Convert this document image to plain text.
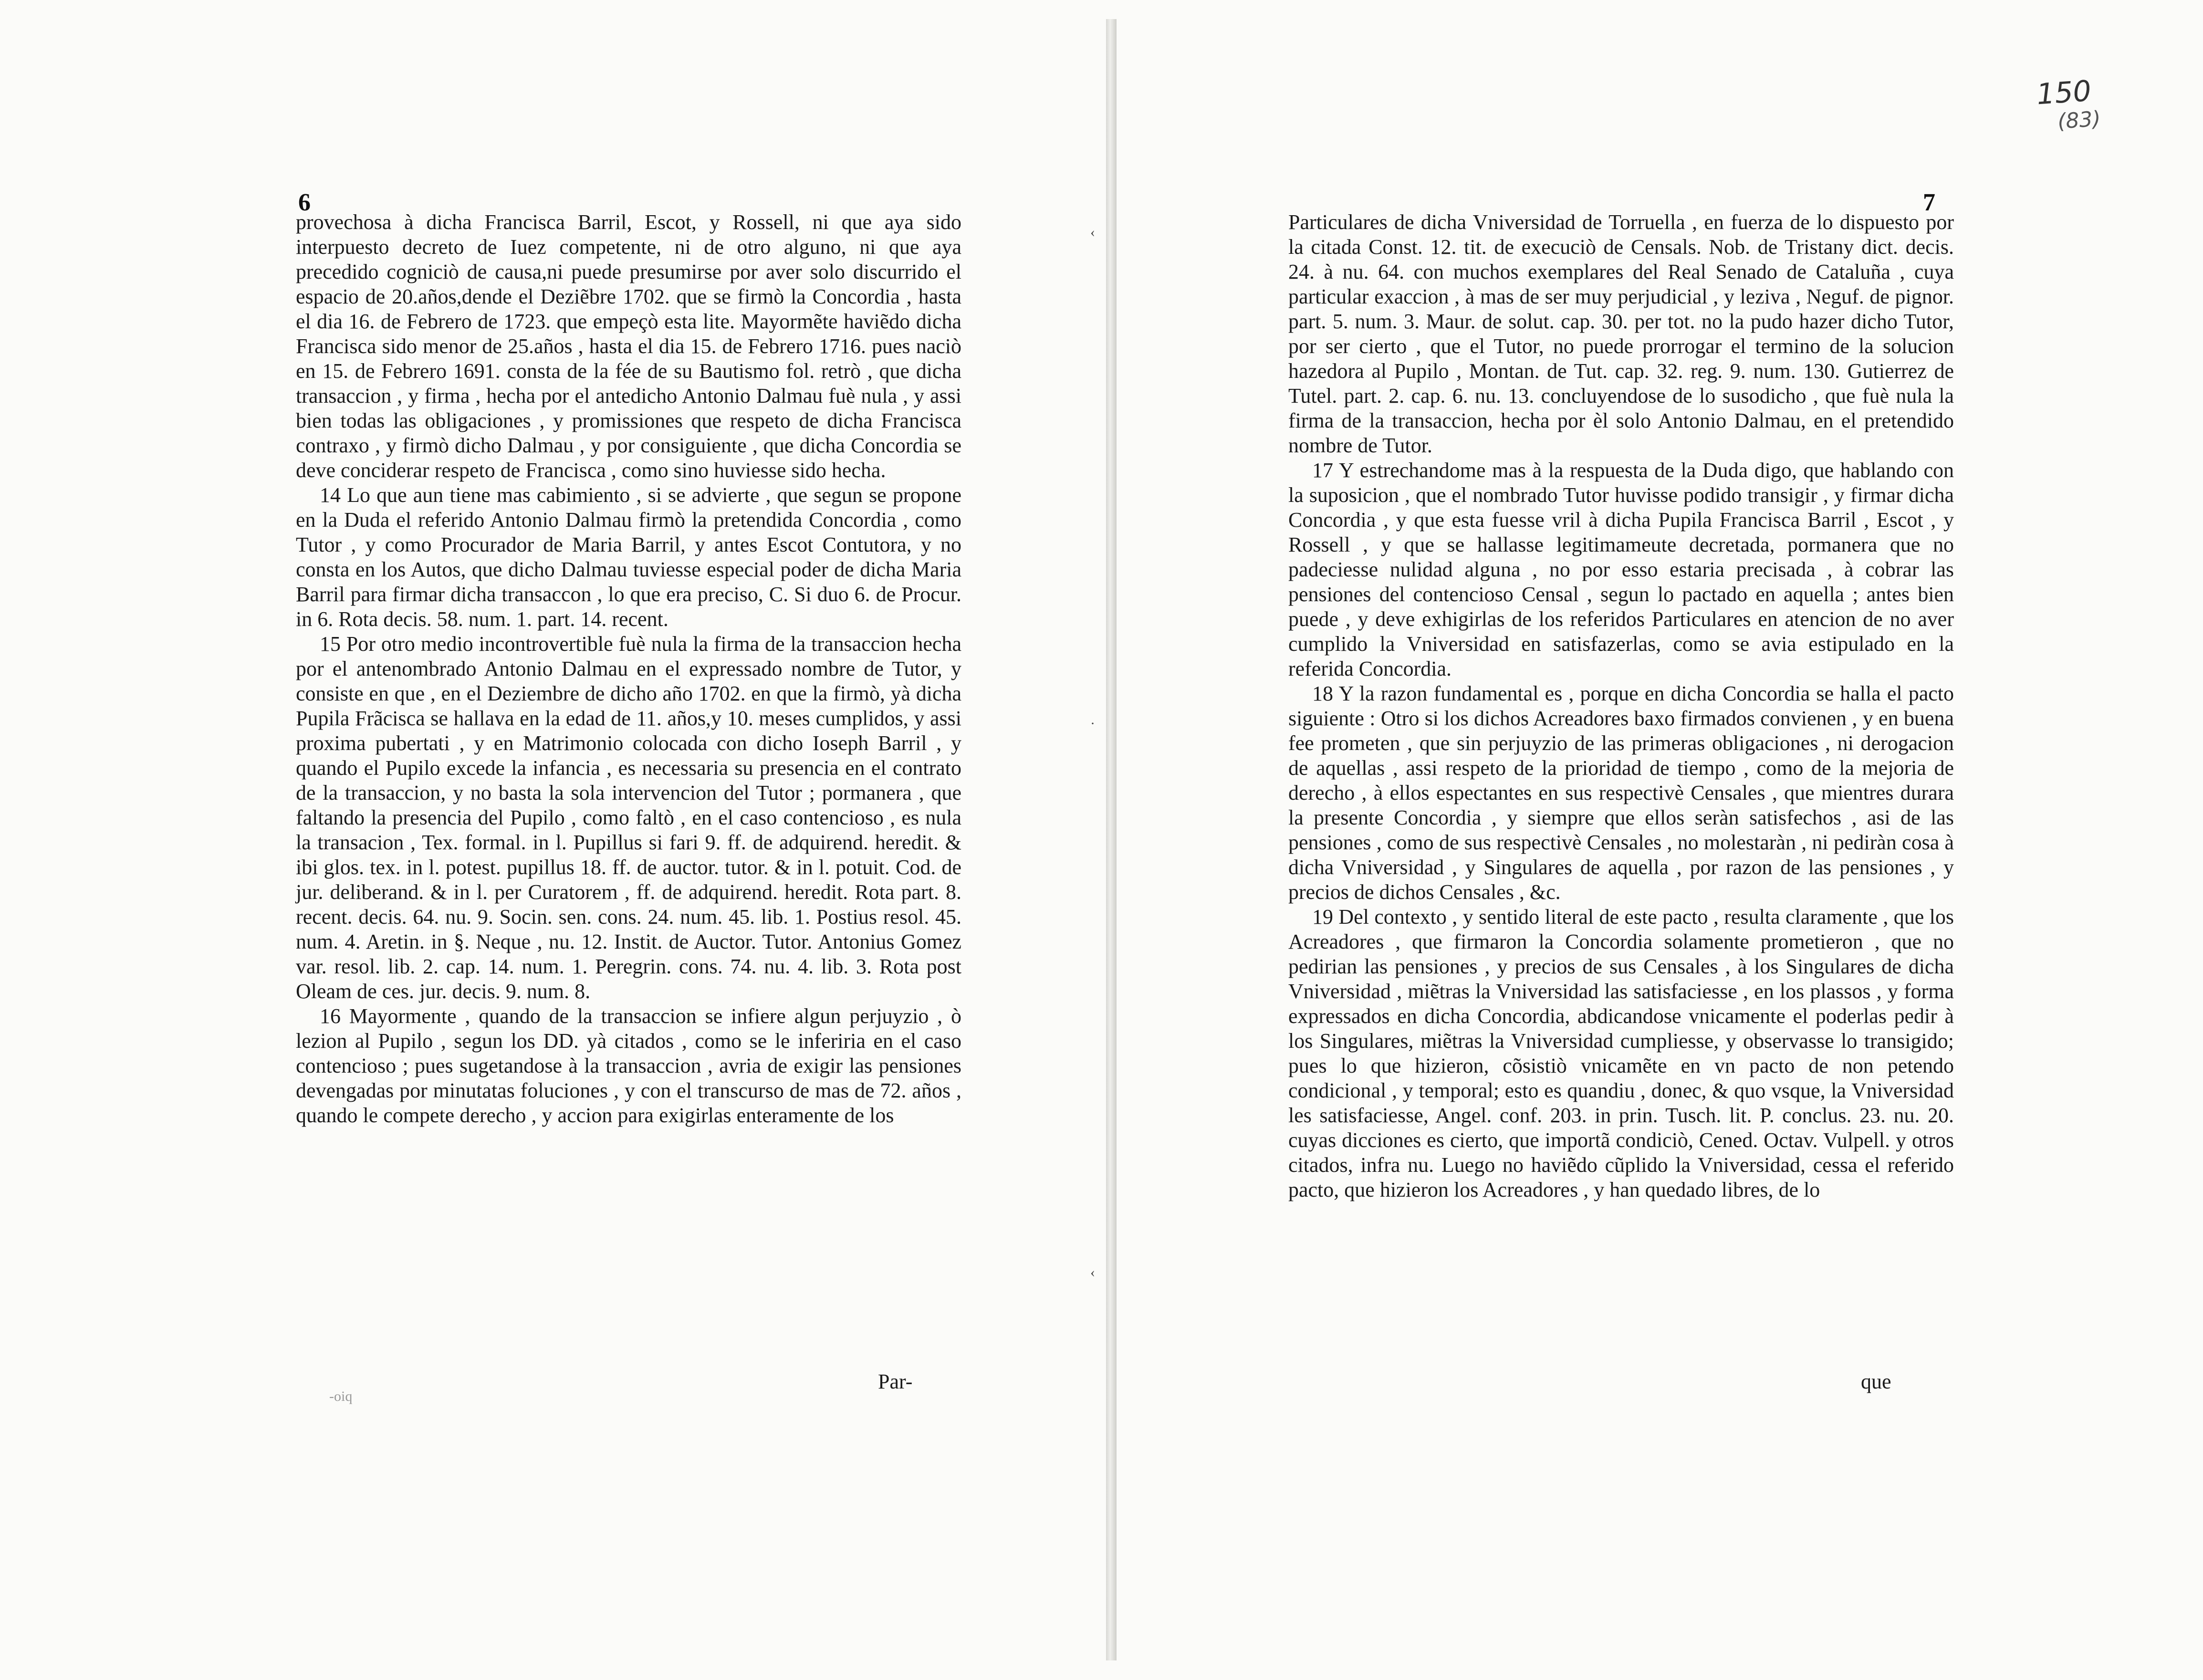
‹
·
‹
6

provechosa à dicha Francisca Barril, Escot, y Rossell, ni que aya sido interpuesto decreto de Iuez competente, ni de otro alguno, ni que aya precedido cogniciò de causa,ni puede presumirse por aver solo discurrido el espacio de 20.años,dende el Deziẽbre 1702. que se firmò la Concordia , hasta el dia 16. de Febrero de 1723. que empeçò esta lite. Mayormẽte haviẽdo dicha Francisca sido menor de 25.años , hasta el dia 15. de Febrero 1716. pues naciò en 15. de Febrero 1691. consta de la fée de su Bautismo fol. retrò , que dicha transaccion , y firma , hecha por el antedicho Antonio Dalmau fuè nula , y assi bien todas las obligaciones , y promissiones que respeto de dicha Francisca contraxo , y firmò dicho Dalmau , y por consiguiente , que dicha Concordia se deve conciderar respeto de Francisca , como sino huviesse sido hecha.

14 Lo que aun tiene mas cabimiento , si se advierte , que segun se propone en la Duda el referido Antonio Dalmau firmò la pretendida Concordia , como Tutor , y como Procurador de Maria Barril, y antes Escot Contutora, y no consta en los Autos, que dicho Dalmau tuviesse especial poder de dicha Maria Barril para firmar dicha transaccon , lo que era preciso, C. Si duo 6. de Procur. in 6. Rota decis. 58. num. 1. part. 14. recent.

15 Por otro medio incontrovertible fuè nula la firma de la transaccion hecha por el antenombrado Antonio Dalmau en el expressado nombre de Tutor, y consiste en que , en el Deziembre de dicho año 1702. en que la firmò, yà dicha Pupila Frãcisca se hallava en la edad de 11. años,y 10. meses cumplidos, y assi proxima pubertati , y en Matrimonio colocada con dicho Ioseph Barril , y quando el Pupilo excede la infancia , es necessaria su presencia en el contrato de la transaccion, y no basta la sola intervencion del Tutor ; pormanera , que faltando la presencia del Pupilo , como faltò , en el caso contencioso , es nula la transacion , Tex. formal. in l. Pupillus si fari 9. ff. de adquirend. heredit. & ibi glos. tex. in l. potest. pupillus 18. ff. de auctor. tutor. & in l. potuit. Cod. de jur. deliberand. & in l. per Curatorem , ff. de adquirend. heredit. Rota part. 8. recent. decis. 64. nu. 9. Socin. sen. cons. 24. num. 45. lib. 1. Postius resol. 45. num. 4. Aretin. in §. Neque , nu. 12. Instit. de Auctor. Tutor. Antonius Gomez var. resol. lib. 2. cap. 14. num. 1. Peregrin. cons. 74. nu. 4. lib. 3. Rota post Oleam de ces. jur. decis. 9. num. 8.

16 Mayormente , quando de la transaccion se infiere algun perjuyzio , ò lezion al Pupilo , segun los DD. yà citados , como se le inferiria en el caso contencioso ; pues sugetandose à la transaccion , avria de exigir las pensiones devengadas por minutatas foluciones , y con el transcurso de mas de 72. años , quando le compete derecho , y accion para exigirlas enteramente de los

Par-
-oiq
150
(83)
7

Particulares de dicha Vniversidad de Torruella , en fuerza de lo dispuesto por la citada Const. 12. tit. de execuciò de Censals. Nob. de Tristany dict. decis. 24. à nu. 64. con muchos exemplares del Real Senado de Cataluña , cuya particular exaccion , à mas de ser muy perjudicial , y leziva , Neguf. de pignor. part. 5. num. 3. Maur. de solut. cap. 30. per tot. no la pudo hazer dicho Tutor, por ser cierto , que el Tutor, no puede prorrogar el termino de la solucion hazedora al Pupilo , Montan. de Tut. cap. 32. reg. 9. num. 130. Gutierrez de Tutel. part. 2. cap. 6. nu. 13. concluyendose de lo susodicho , que fuè nula la firma de la transaccion, hecha por èl solo Antonio Dalmau, en el pretendido nombre de Tutor.

17 Y estrechandome mas à la respuesta de la Duda digo, que hablando con la suposicion , que el nombrado Tutor huvisse podido transigir , y firmar dicha Concordia , y que esta fuesse vril à dicha Pupila Francisca Barril , Escot , y Rossell , y que se hallasse legitimameute decretada, pormanera que no padeciesse nulidad alguna , no por esso estaria precisada , à cobrar las pensiones del contencioso Censal , segun lo pactado en aquella ; antes bien puede , y deve exhigirlas de los referidos Particulares en atencion de no aver cumplido la Vniversidad en satisfazerlas, como se avia estipulado en la referida Concordia.

18 Y la razon fundamental es , porque en dicha Concordia se halla el pacto siguiente : Otro si los dichos Acreadores baxo firmados convienen , y en buena fee prometen , que sin perjuyzio de las primeras obligaciones , ni derogacion de aquellas , assi respeto de la prioridad de tiempo , como de la mejoria de derecho , à ellos espectantes en sus respectivè Censales , que mientres durara la presente Concordia , y siempre que ellos seràn satisfechos , asi de las pensiones , como de sus respectivè Censales , no molestaràn , ni pediràn cosa à dicha Vniversidad , y Singulares de aquella , por razon de las pensiones , y precios de dichos Censales , &c.

19 Del contexto , y sentido literal de este pacto , resulta claramente , que los Acreadores , que firmaron la Concordia solamente prometieron , que no pedirian las pensiones , y precios de sus Censales , à los Singulares de dicha Vniversidad , miẽtras la Vniversidad las satisfaciesse , en los plassos , y forma expressados en dicha Concordia, abdicandose vnicamente el poderlas pedir à los Singulares, miẽtras la Vniversidad cumpliesse, y observasse lo transigido; pues lo que hizieron, cõsistiò vnicamẽte en vn pacto de non petendo condicional , y temporal; esto es quandiu , donec, & quo vsque, la Vniversidad les satisfaciesse, Angel. conf. 203. in prin. Tusch. lit. P. conclus. 23. nu. 20. cuyas dicciones es cierto, que importã condiciò, Cened. Octav. Vulpell. y otros citados, infra nu. Luego no haviẽdo cũplido la Vniversidad, cessa el referido pacto, que hizieron los Acreadores , y han quedado libres, de lo

que
